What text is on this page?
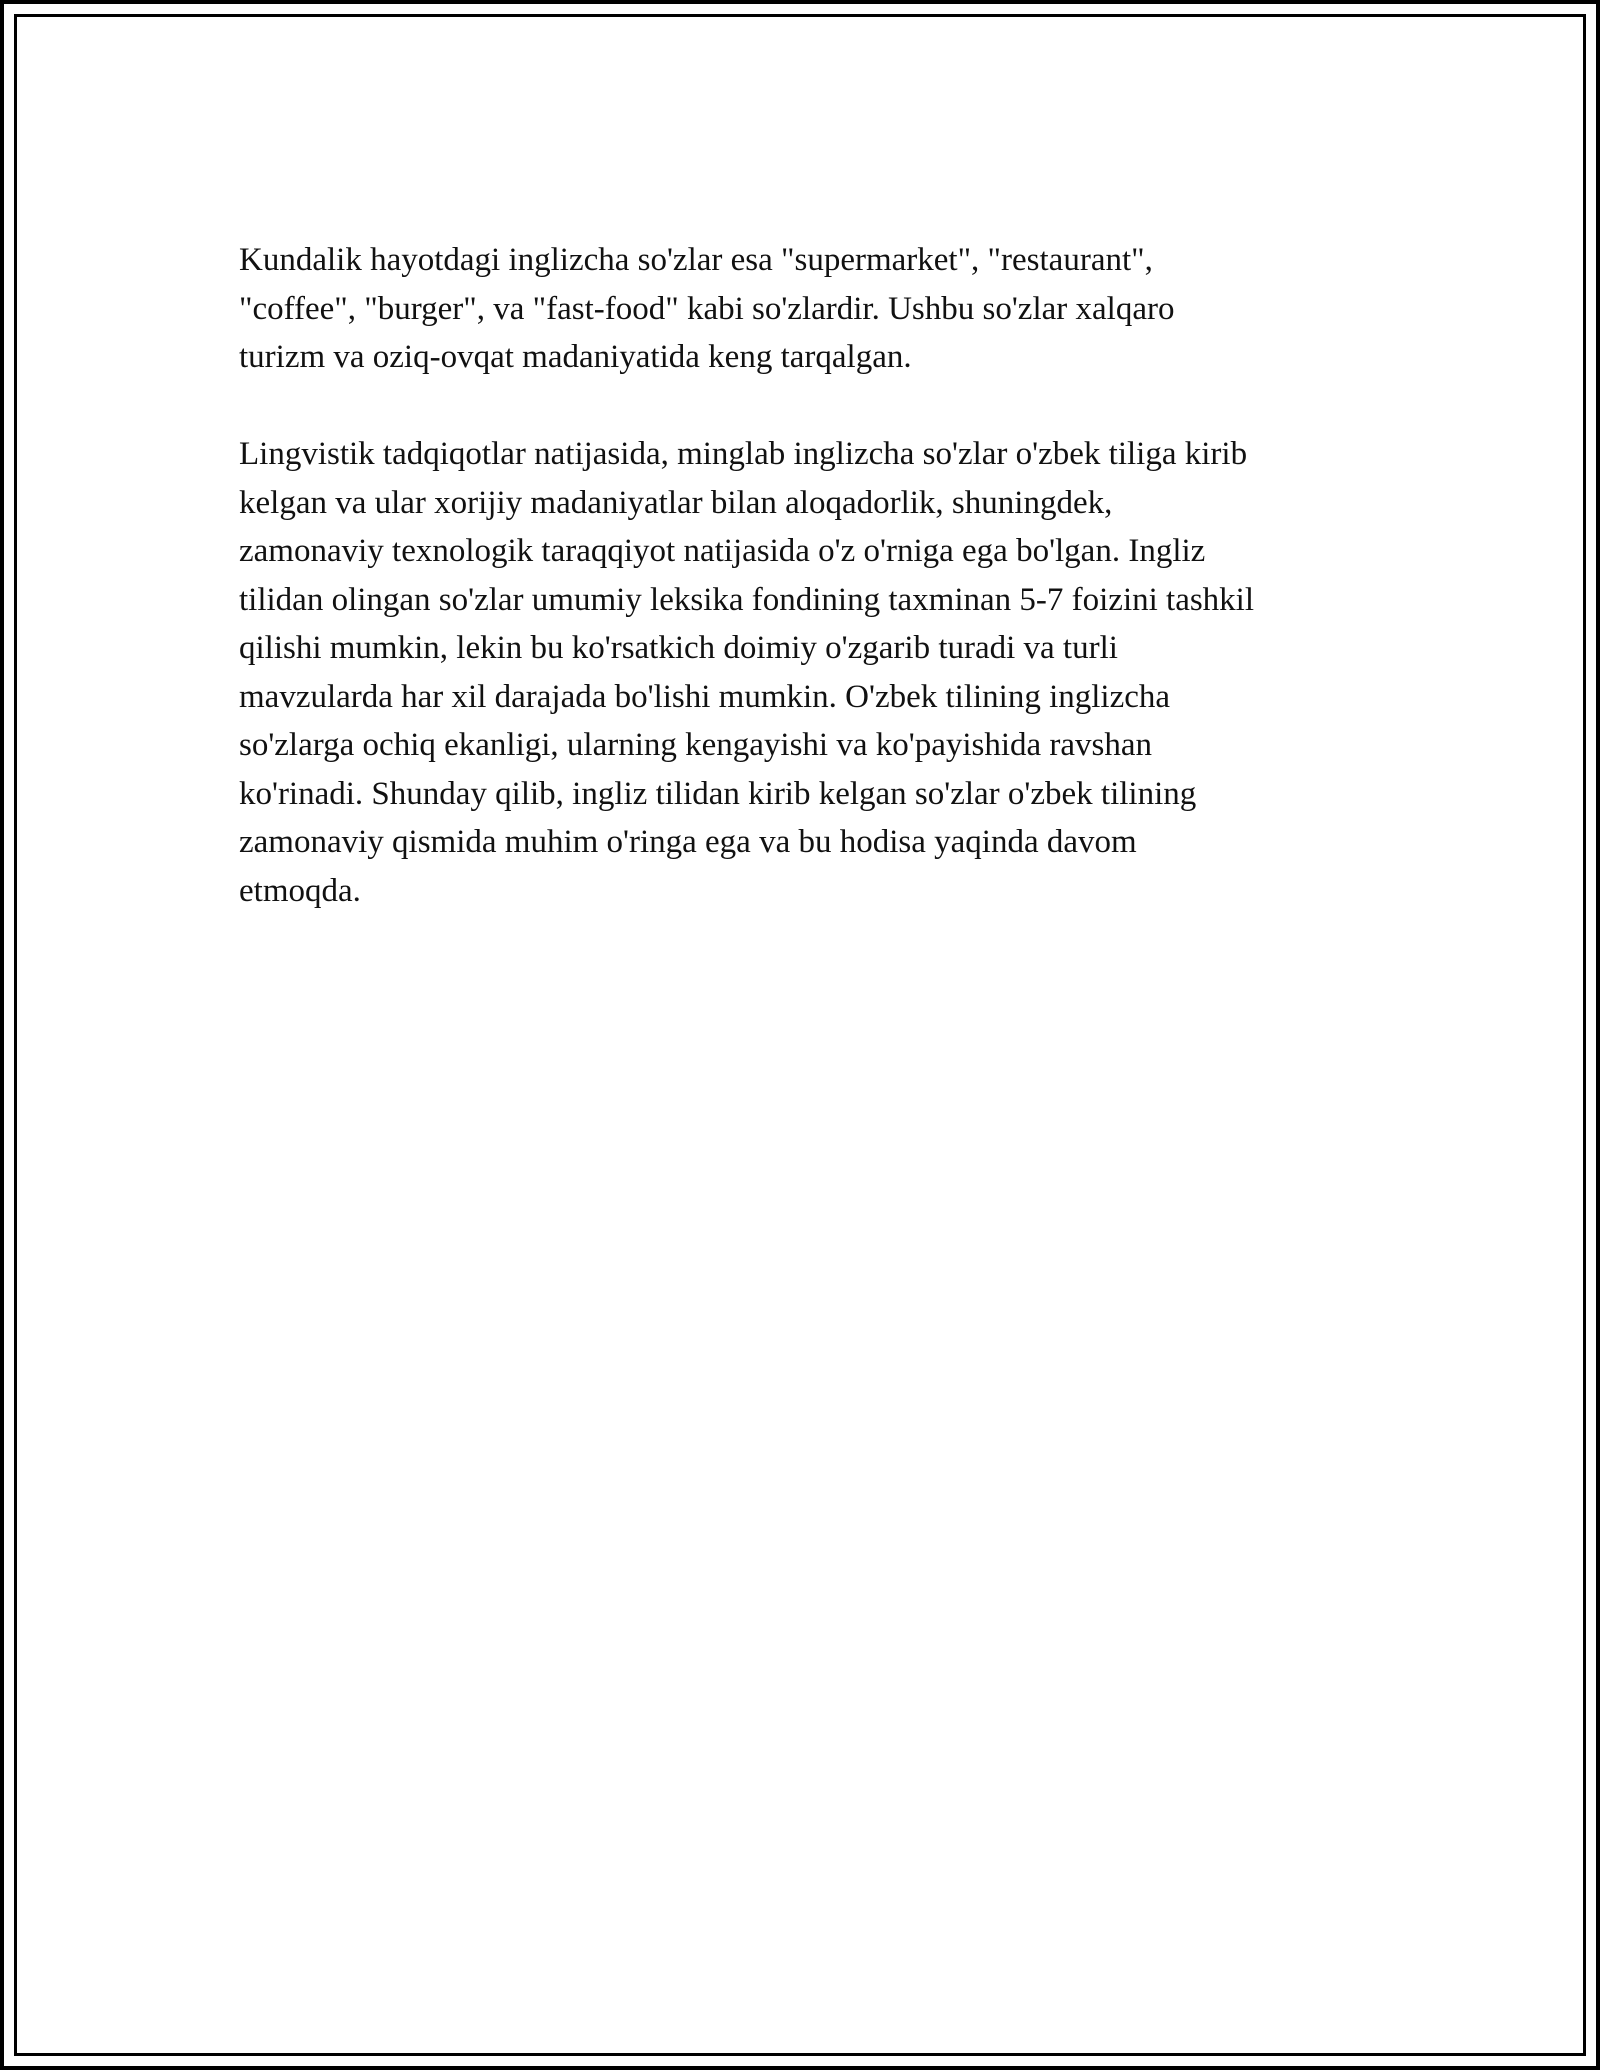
Kundalik hayotdagi inglizcha so'zlar esa "supermarket", "restaurant",
"coffee", "burger", va "fast-food" kabi so'zlardir. Ushbu so'zlar xalqaro
turizm va oziq-ovqat madaniyatida keng tarqalgan.

Lingvistik tadqiqotlar natijasida, minglab inglizcha so'zlar o'zbek tiliga kirib
kelgan va ular xorijiy madaniyatlar bilan aloqadorlik, shuningdek,
zamonaviy texnologik taraqqiyot natijasida o'z o'rniga ega bo'lgan. Ingliz
tilidan olingan so'zlar umumiy leksika fondining taxminan 5-7 foizini tashkil
qilishi mumkin, lekin bu ko'rsatkich doimiy o'zgarib turadi va turli
mavzularda har xil darajada bo'lishi mumkin. O'zbek tilining inglizcha
so'zlarga ochiq ekanligi, ularning kengayishi va ko'payishida ravshan
ko'rinadi. Shunday qilib, ingliz tilidan kirib kelgan so'zlar o'zbek tilining
zamonaviy qismida muhim o'ringa ega va bu hodisa yaqinda davom
etmoqda.
